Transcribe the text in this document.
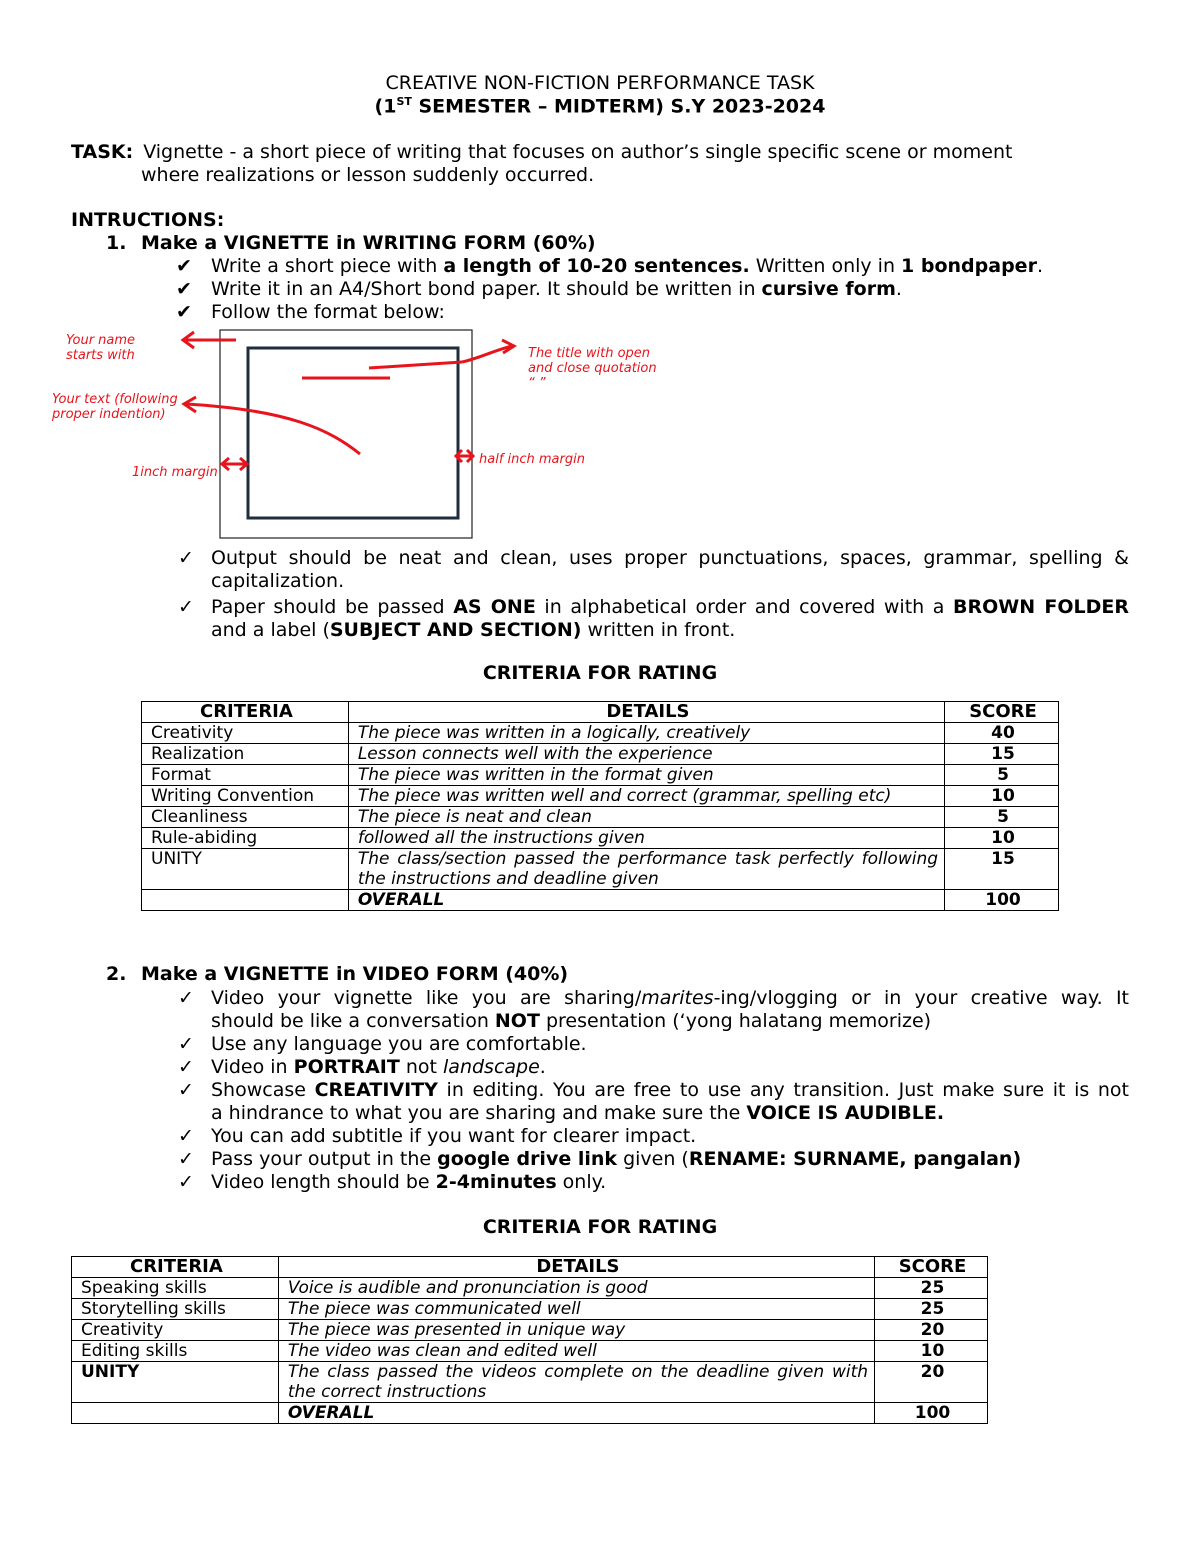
CREATIVE NON-FICTION PERFORMANCE TASK
(1ST SEMESTER – MIDTERM) S.Y 2023-2024
TASK: Vignette - a short piece of writing that focuses on author’s single specific scene or moment
where realizations or lesson suddenly occurred.
INTRUCTIONS:
1. Make a VIGNETTE in WRITING FORM (60%)
✔ Write a short piece with a length of 10-20 sentences. Written only in 1 bondpaper.
✔ Write it in an A4/Short bond paper. It should be written in cursive form.
✔ Follow the format below:
Your name
starts with	The title with open
and close quotation
“ ”
Your text (following
proper indention)
1inch margin
half inch margin
✓ Output should be neat and clean, uses proper punctuations, spaces, grammar, spelling &
capitalization.
✓ Paper should be passed AS ONE in alphabetical order and covered with a BROWN FOLDER
and a label (SUBJECT AND SECTION) written in front.
CRITERIA FOR RATING
CRITERIA	DETAILS	SCORE
Creativity	The piece was written in a logically, creatively	40
Realization	Lesson connects well with the experience	15
Format	The piece was written in the format given	5
Writing Convention	The piece was written well and correct (grammar, spelling etc)	10
Cleanliness	The piece is neat and clean	5
Rule-abiding	followed all the instructions given	10
UNITY	The class/section passed the performance task perfectly following the instructions and deadline given	15
	OVERALL	100
2. Make a VIGNETTE in VIDEO FORM (40%)
✓ Video your vignette like you are sharing/marites-ing/vlogging or in your creative way. It
should be like a conversation NOT presentation (‘yong halatang memorize)
✓ Use any language you are comfortable.
✓ Video in PORTRAIT not landscape.
✓ Showcase CREATIVITY in editing. You are free to use any transition. Just make sure it is not
a hindrance to what you are sharing and make sure the VOICE IS AUDIBLE.
✓ You can add subtitle if you want for clearer impact.
✓ Pass your output in the google drive link given (RENAME: SURNAME, pangalan)
✓ Video length should be 2-4minutes only.
CRITERIA FOR RATING
CRITERIA	DETAILS	SCORE
Speaking skills	Voice is audible and pronunciation is good	25
Storytelling skills	The piece was communicated well	25
Creativity	The piece was presented in unique way	20
Editing skills	The video was clean and edited well	10
UNITY	The class passed the videos complete on the deadline given with the correct instructions	20
	OVERALL	100
